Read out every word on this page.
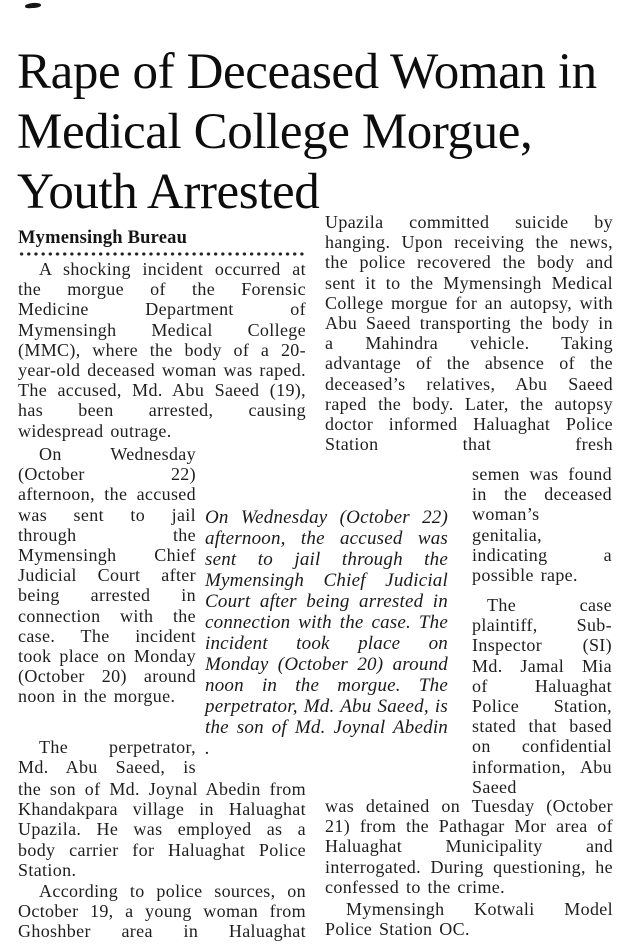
Rape of Deceased Woman in Medical College Morgue, Youth Arrested
Mymensingh Bureau

A shocking incident occurred at the morgue of the Forensic Medicine Department of Mymensingh Medical College (MMC), where the body of a 20-year-old deceased woman was raped. The accused, Md. Abu Saeed (19), has been arrested, causing widespread outrage.

On Wednesday (October 22) afternoon, the accused was sent to jail through the Mymensingh Chief Judicial Court after being arrested in connection with the case. The incident took place on Monday (October 20) around noon in the morgue.

The perpetrator, Md. Abu Saeed, is

the son of Md. Joynal Abedin from Khandakpara village in Haluaghat Upazila. He was employed as a body carrier for Haluaghat Police Station.

According to police sources, on October 19, a young woman from Ghoshber area in Haluaghat

On Wednesday (October 22) afternoon, the accused was sent to jail through the Mymensingh Chief Judicial Court after being arrested in connection with the case. The incident took place on Monday (October 20) around noon in the morgue. The perpetrator, Md. Abu Saeed, is the son of Md. Joynal Abedin .

Upazila committed suicide by hanging. Upon receiving the news, the police recovered the body and sent it to the Mymensingh Medical College morgue for an autopsy, with Abu Saeed transporting the body in a Mahindra vehicle. Taking advantage of the absence of the deceased’s relatives, Abu Saeed raped the body. Later, the autopsy doctor informed Haluaghat Police Station that fresh

semen was found in the deceased woman’s genitalia, indicating a possible rape.

The case plaintiff, Sub-Inspector (SI) Md. Jamal Mia of Haluaghat Police Station, stated that based on confidential information, Abu Saeed

was detained on Tuesday (October 21) from the Pathagar Mor area of Haluaghat Municipality and interrogated. During questioning, he confessed to the crime.

Mymensingh Kotwali Model Police Station OC.
